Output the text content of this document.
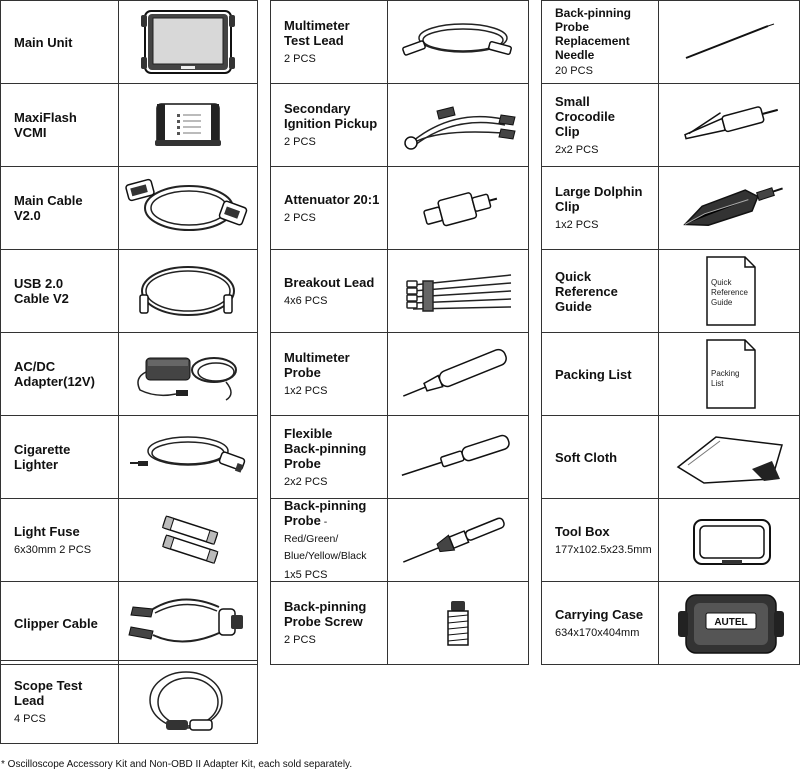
Main Unit
MaxiFlash VCMI
Main Cable V2.0
USB 2.0
Cable V2
AC/DC
Adapter(12V)
Cigarette Lighter
Light Fuse
6x30mm 2 PCS
Clipper Cable
Scope Test Lead
4 PCS
Multimeter
Test Lead
2 PCS
Secondary
Ignition Pickup
2 PCS
Attenuator 20:1
2 PCS
Breakout Lead
4x6 PCS
Multimeter
Probe
1x2 PCS
Flexible
Back-pinning
Probe
2x2 PCS
Back-pinning
Probe - Red/Green/
Blue/Yellow/Black
1x5 PCS
Back-pinning
Probe Screw
2 PCS
Back-pinning
Probe
Replacement
Needle
20 PCS
Small Crocodile
Clip
2x2 PCS
Large Dolphin
Clip
1x2 PCS
Quick Reference
Guide
Quick
Reference
Guide
Packing List	Packing
List
Soft Cloth
Tool Box
177x102.5x23.5mm
Carrying Case
634x170x404mm
AUTEL
* Oscilloscope Accessory Kit and Non-OBD II Adapter Kit, each sold separately.
